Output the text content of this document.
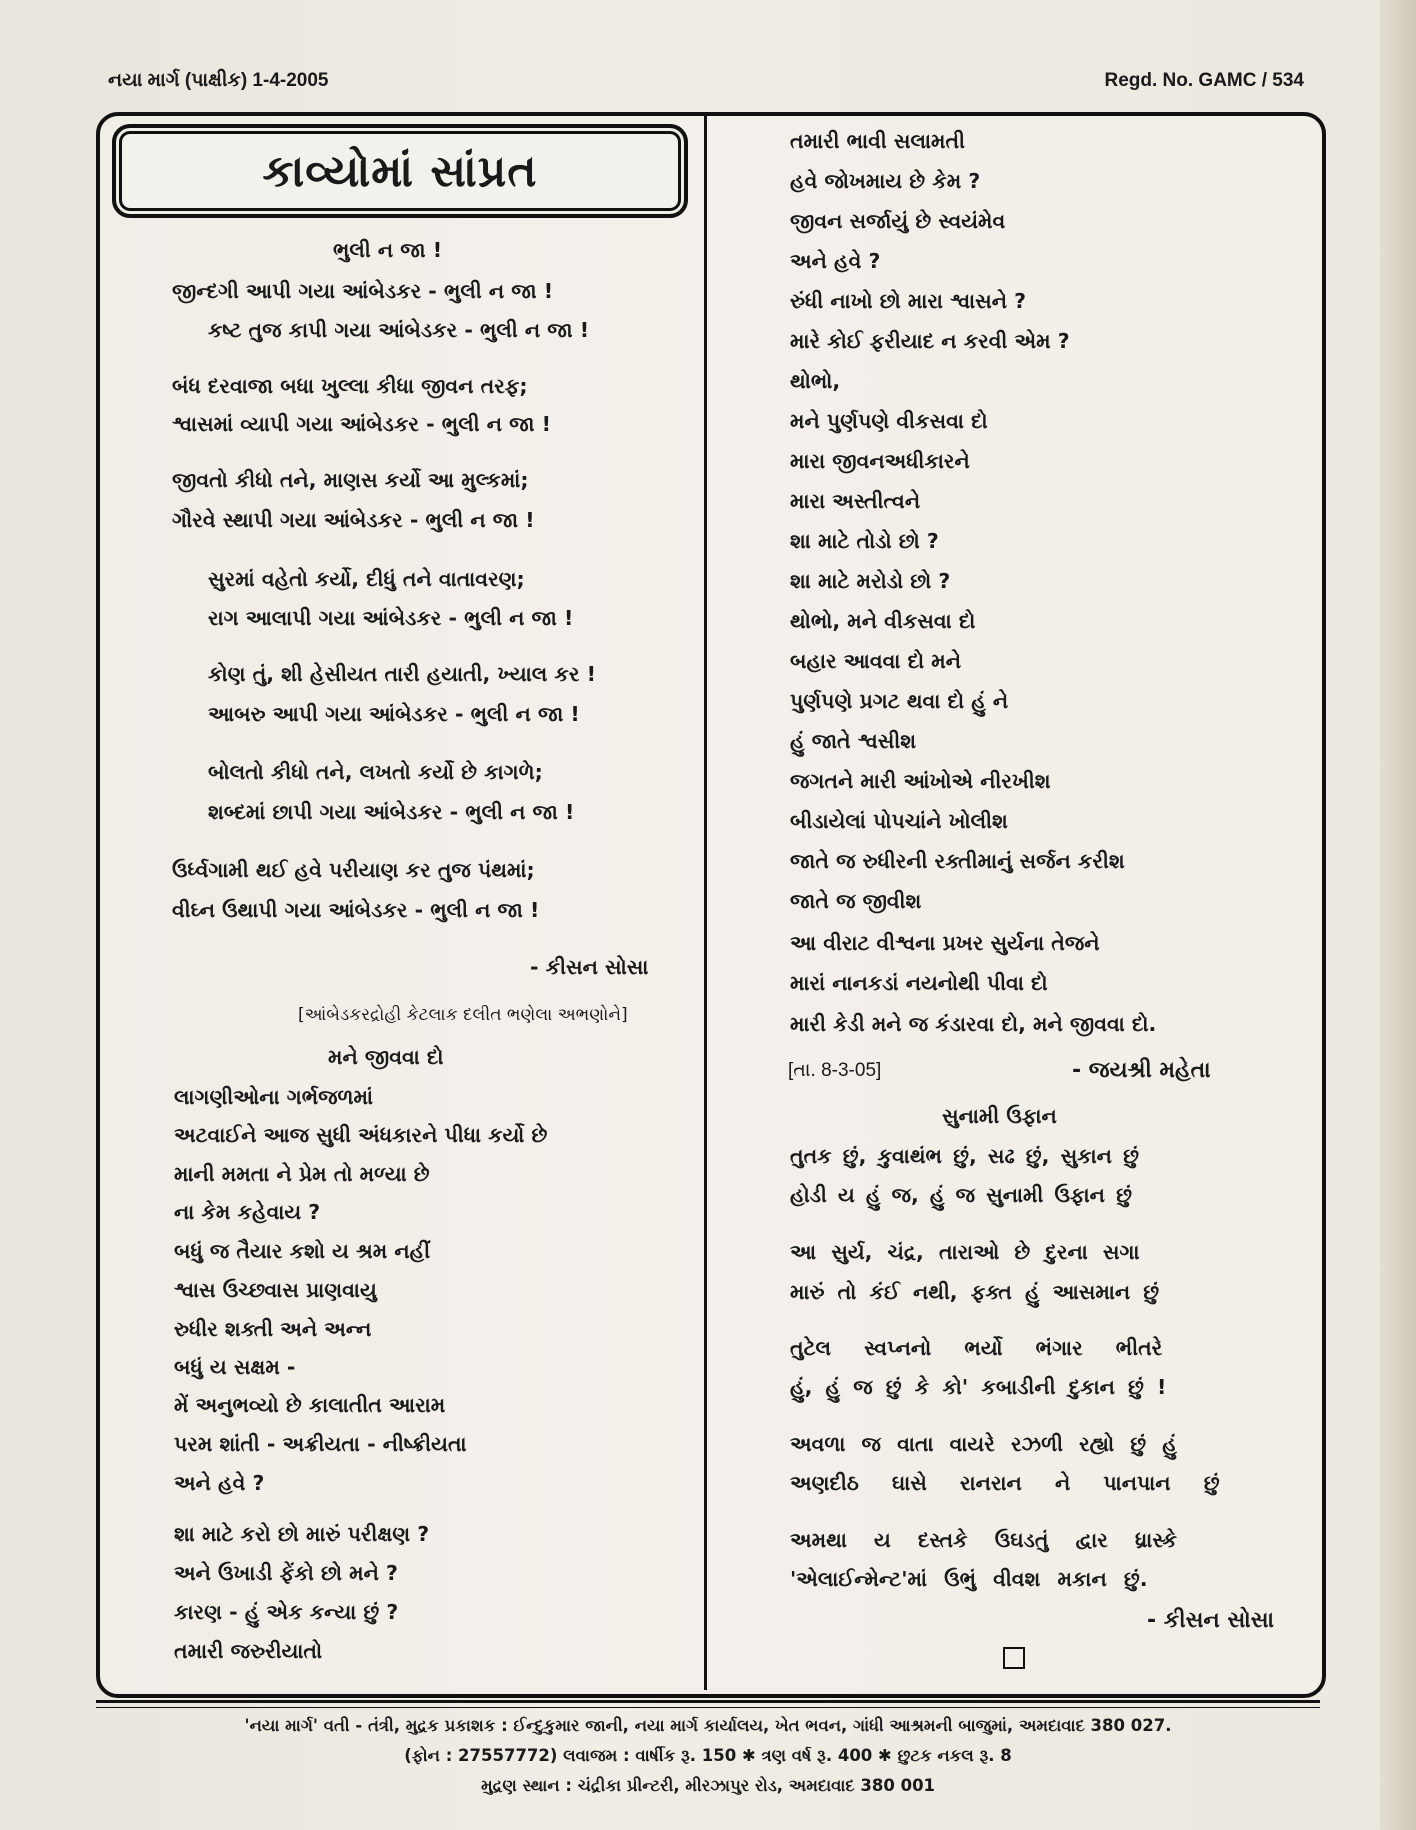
નયા માર્ગ (પાક્ષીક) 1-4-2005	Regd. No. GAMC / 534
કાવ્યોમાં સાંપ્રત
ભુલી ન જા !
જીન્દગી આપી ગયા આંબેડકર - ભુલી ન જા !
કષ્ટ તુજ કાપી ગયા આંબેડકર - ભુલી ન જા !
બંધ દરવાજા બધા ખુલ્લા કીધા જીવન તરફ;
શ્વાસમાં વ્યાપી ગયા આંબેડકર - ભુલી ન જા !
જીવતો કીધો તને, માણસ કર્યો આ મુલ્કમાં;
ગૌરવે સ્થાપી ગયા આંબેડકર - ભુલી ન જા !
સુરમાં વહેતો કર્યો, દીધું તને વાતાવરણ;
રાગ આલાપી ગયા આંબેડકર - ભુલી ન જા !
કોણ તું, શી હેસીયત તારી હયાતી, ખ્યાલ કર !
આબરુ આપી ગયા આંબેડકર - ભુલી ન જા !
બોલતો કીધો તને, લખતો કર્યો છે કાગળે;
શબ્દમાં છાપી ગયા આંબેડકર - ભુલી ન જા !
ઉર્ધ્વગામી થઈ હવે પરીયાણ કર તુજ પંથમાં;
વીઘ્ન ઉથાપી ગયા આંબેડકર - ભુલી ન જા !
- કીસન સોસા
[આંબેડકરદ્રોહી કેટલાક દલીત ભણેલા અભણોને]
મને જીવવા દો
લાગણીઓના ગર્ભજળમાં
અટવાઈને આજ સુધી અંધકારને પીધા કર્યો છે
માની મમતા ને પ્રેમ તો મળ્યા છે
ના કેમ કહેવાય ?
બધું જ તૈયાર કશો ય શ્રમ નહીં
શ્વાસ ઉચ્છ્વાસ પ્રાણવાયુ
રુધીર શક્તી અને અન્ન
બધું ય સક્ષમ -
મેં અનુભવ્યો છે કાલાતીત આરામ
પરમ શાંતી - અક્રીયતા - નીષ્ક્રીયતા
અને હવે ?
શા માટે કરો છો મારું પરીક્ષણ ?
અને ઉખાડી ફેંકો છો મને ?
કારણ - હું એક કન્યા છું ?
તમારી જરુરીયાતો
તમારી ભાવી સલામતી
હવે જોખમાય છે કેમ ?
જીવન સર્જાયું છે સ્વયંમેવ
અને હવે ?
રુંધી નાખો છો મારા શ્વાસને ?
મારે કોઈ ફરીયાદ ન કરવી એમ ?
થોભો,
મને પુર્ણપણે વીકસવા દો
મારા જીવનઅધીકારને
મારા અસ્તીત્વને
શા માટે તોડો છો ?
શા માટે મરોડો છો ?
થોભો, મને વીકસવા દો
બહાર આવવા દો મને
પુર્ણપણે પ્રગટ થવા દો હું ને
હું જાતે શ્વસીશ
જગતને મારી આંખોએ નીરખીશ
બીડાયેલાં પોપચાંને ખોલીશ
જાતે જ રુધીરની રક્તીમાનું સર્જન કરીશ
જાતે જ જીવીશ
આ વીરાટ વીશ્વના પ્રખર સુર્યના તેજને
મારાં નાનકડાં નયનોથી પીવા દો
મારી કેડી મને જ કંડારવા દો, મને જીવવા દો.
[તા. 8-3-05]	- જયશ્રી મહેતા
સુનામી ઉફાન
તુતક છું, કુવાથંભ છું, સઢ છું, સુકાન છું
હોડી ય હું જ, હું જ સુનામી ઉફાન છું
આ સુર્ય, ચંદ્ર, તારાઓ છે દુરના સગા
મારું તો કંઈ નથી, ફક્ત હું આસમાન છું
તુટેલ સ્વપ્નનો ભર્યો ભંગાર ભીતરે
હું, હું જ છું કે કો' કબાડીની દુકાન છું !
અવળા જ વાતા વાયરે રઝળી રહ્યો છું હું
અણદીઠ ઘાસે રાનરાન ને પાનપાન છું
અમથા ય દસ્તકે ઉઘડતું દ્વાર ધ્રાસ્કે
'એલાઈન્મેન્ટ'માં ઉભું વીવશ મકાન છું.
- કીસન સોસા
'નયા માર્ગ' વતી - તંત્રી, મુદ્રક પ્રકાશક : ઈન્દુકુમાર જાની, નયા માર્ગ કાર્યાલય, ખેત ભવન, ગાંધી આશ્રમની બાજુમાં, અમદાવાદ 380 027.
(ફોન : 27557772) લવાજમ : વાર્ષીક રૂ. 150 ✱ ત્રણ વર્ષ રૂ. 400 ✱ છુટક નકલ રૂ. 8
મુદ્રણ સ્થાન : ચંદ્રીકા પ્રીન્ટરી, મીરઝાપુર રોડ, અમદાવાદ 380 001
